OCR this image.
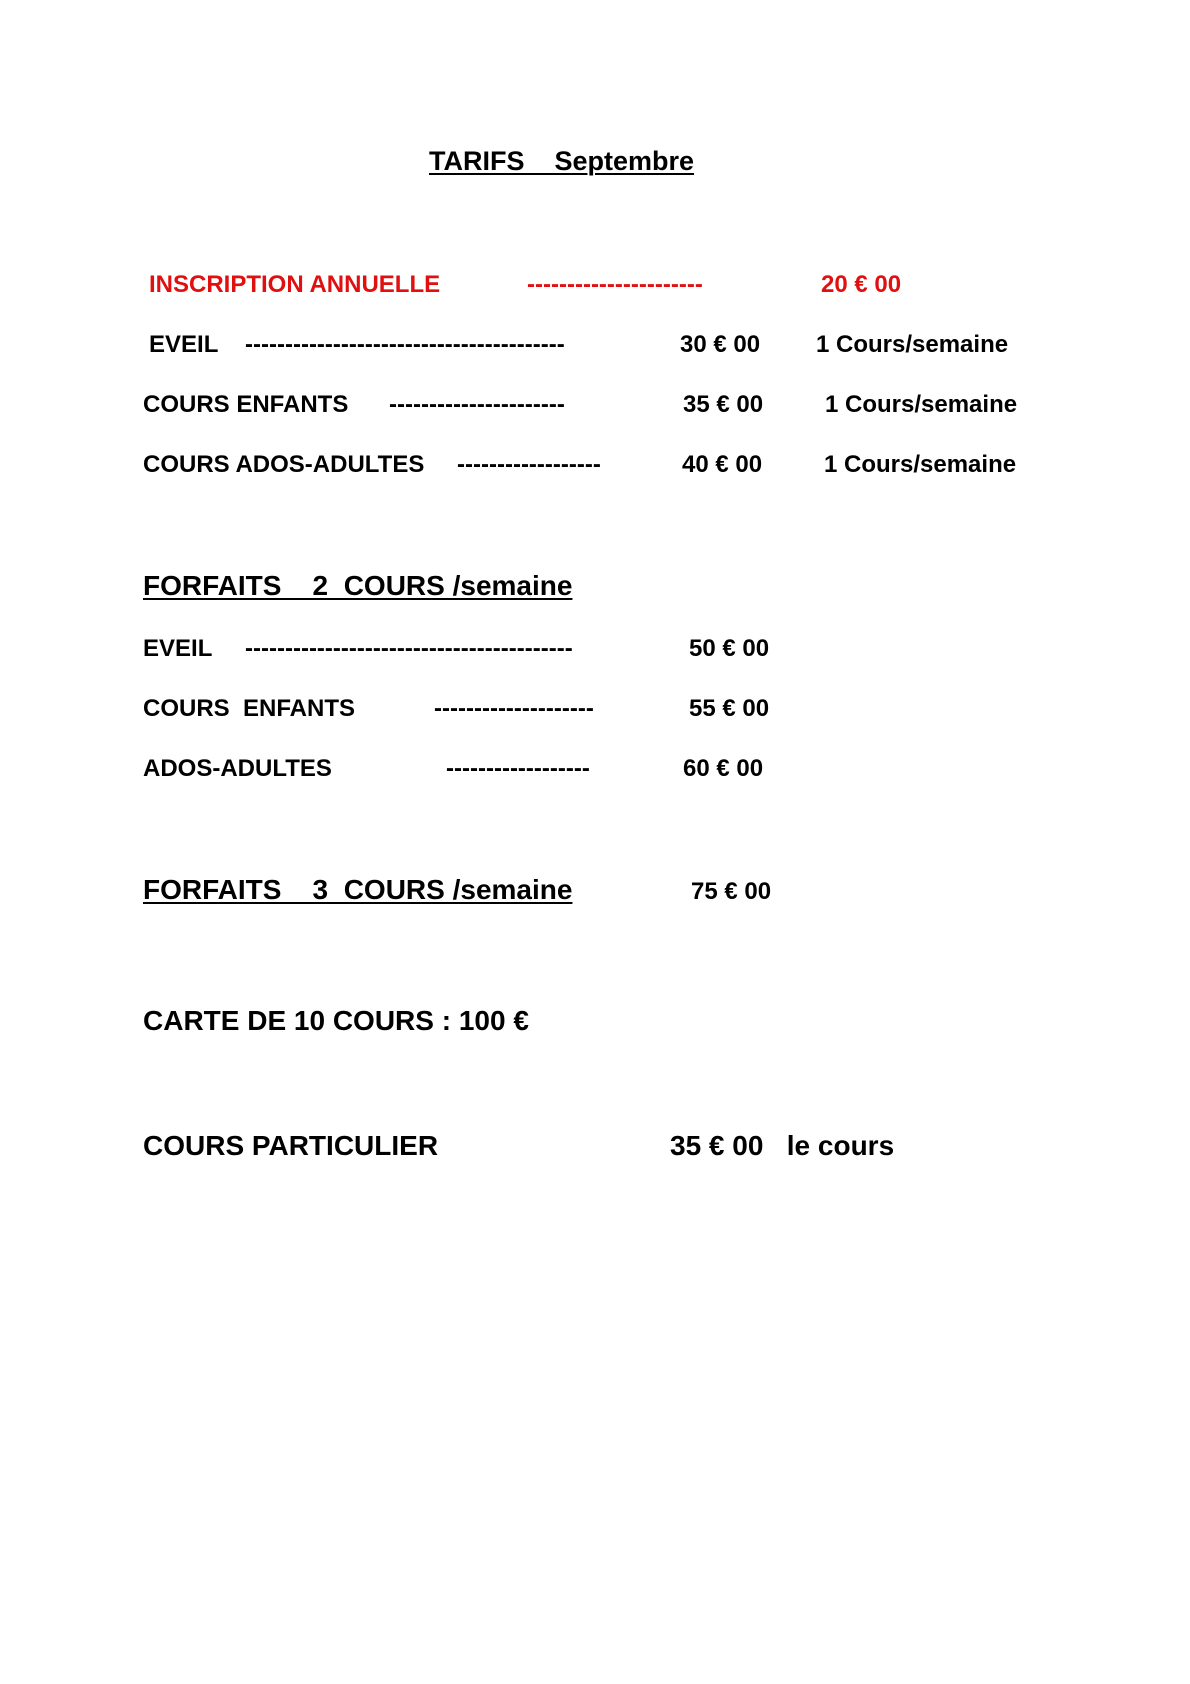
TARIFS    Septembre
INSCRIPTION ANNUELLE	----------------------	20 € 00
EVEIL ----------------------------------------	30 € 00 1 Cours/semaine
COURS ENFANTS ----------------------	35 € 00	1 Cours/semaine
COURS ADOS-ADULTES ------------------	40 € 00	1 Cours/semaine
FORFAITS    2  COURS /semaine
EVEIL -----------------------------------------	50 € 00
COURS  ENFANTS	--------------------	55 € 00
ADOS-ADULTES	------------------	60 € 00
FORFAITS    3  COURS /semaine	75 € 00
CARTE DE 10 COURS : 100 €
COURS PARTICULIER	35 € 00   le cours
